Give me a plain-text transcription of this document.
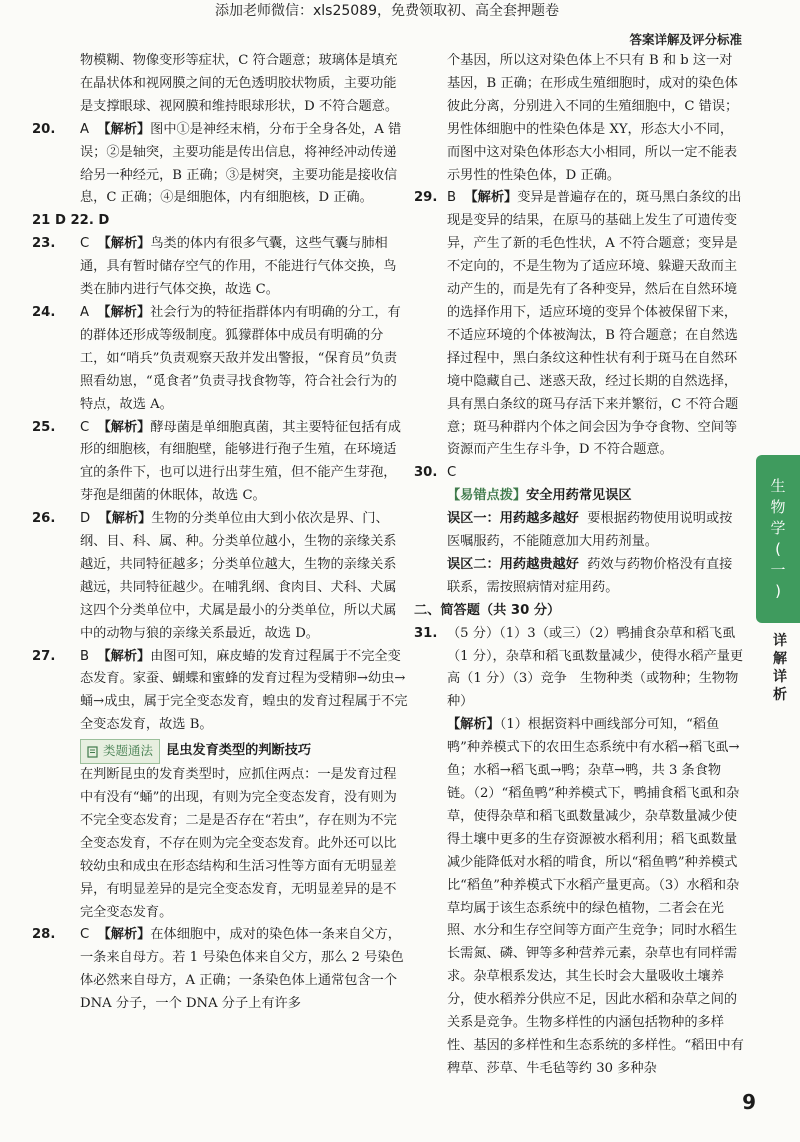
添加老师微信：xls25089，免费领取初、高全套押题卷
答案详解及评分标准

物模糊、物像变形等症状，C 符合题意；玻璃体是填充在晶状体和视网膜之间的无色透明胶状物质，主要功能是支撑眼球、视网膜和维持眼球形状，D 不符合题意。

20. A 【解析】图中①是神经末梢，分布于全身各处，A 错误；②是轴突，主要功能是传出信息，将神经冲动传递给另一种经元，B 正确；③是树突，主要功能是接收信息，C 正确；④是细胞体，内有细胞核，D 正确。

21 D 22. D

23. C 【解析】鸟类的体内有很多气囊，这些气囊与肺相通，具有暂时储存空气的作用，不能进行气体交换，鸟类在肺内进行气体交换，故选 C。

24. A 【解析】社会行为的特征指群体内有明确的分工，有的群体还形成等级制度。狐獴群体中成员有明确的分工，如“哨兵”负责观察天敌并发出警报，“保育员”负责照看幼崽，“觅食者”负责寻找食物等，符合社会行为的特点，故选 A。

25. C 【解析】酵母菌是单细胞真菌，其主要特征包括有成形的细胞核，有细胞壁，能够进行孢子生殖，在环境适宜的条件下，也可以进行出芽生殖，但不能产生芽孢，芽孢是细菌的休眠体，故选 C。

26. D 【解析】生物的分类单位由大到小依次是界、门、纲、目、科、属、种。分类单位越小，生物的亲缘关系越近，共同特征越多；分类单位越大，生物的亲缘关系越远，共同特征越少。在哺乳纲、食肉目、犬科、犬属这四个分类单位中，犬属是最小的分类单位，所以犬属中的动物与狼的亲缘关系最近，故选 D。

27. B 【解析】由图可知，麻皮蝽的发育过程属于不完全变态发育。家蚕、蝴蝶和蜜蜂的发育过程为受精卵→幼虫→蛹→成虫，属于完全变态发育，蝗虫的发育过程属于不完全变态发育，故选 B。

类题通法 昆虫发育类型的判断技巧

在判断昆虫的发育类型时，应抓住两点：一是发育过程中有没有“蛹”的出现，有则为完全变态发育，没有则为不完全变态发育；二是是否存在“若虫”，存在则为不完全变态发育，不存在则为完全变态发育。此外还可以比较幼虫和成虫在形态结构和生活习性等方面有无明显差异，有明显差异的是完全变态发育，无明显差异的是不完全变态发育。

28. C 【解析】在体细胞中，成对的染色体一条来自父方，一条来自母方。若 1 号染色体来自父方，那么 2 号染色体必然来自母方，A 正确；一条染色体上通常包含一个 DNA 分子，一个 DNA 分子上有许多

个基因，所以这对染色体上不只有 B 和 b 这一对基因，B 正确；在形成生殖细胞时，成对的染色体彼此分离，分别进入不同的生殖细胞中，C 错误；男性体细胞中的性染色体是 XY，形态大小不同，而图中这对染色体形态大小相同，所以一定不能表示男性的性染色体，D 正确。

29. B 【解析】变异是普遍存在的，斑马黑白条纹的出现是变异的结果，在原马的基础上发生了可遗传变异，产生了新的毛色性状，A 不符合题意；变异是不定向的，不是生物为了适应环境、躲避天敌而主动产生的，而是先有了各种变异，然后在自然环境的选择作用下，适应环境的变异个体被保留下来，不适应环境的个体被淘汰，B 符合题意；在自然选择过程中，黑白条纹这种性状有利于斑马在自然环境中隐藏自己、迷惑天敌，经过长期的自然选择，具有黑白条纹的斑马存活下来并繁衍，C 不符合题意；斑马种群内个体之间会因为争夺食物、空间等资源而产生生存斗争，D 不符合题意。

30. C

【易错点拨】安全用药常见误区

误区一：用药越多越好 要根据药物使用说明或按医嘱服药，不能随意加大用药剂量。

误区二：用药越贵越好 药效与药物价格没有直接联系，需按照病情对症用药。

二、简答题（共 30 分）

31. （5 分）（1）3（或三）（2）鸭捕食杂草和稻飞虱（1 分），杂草和稻飞虱数量减少，使得水稻产量更高（1 分）（3）竞争　生物种类（或物种；生物物种）

【解析】（1）根据资料中画线部分可知，“稻鱼鸭”种养模式下的农田生态系统中有水稻→稻飞虱→鱼；水稻→稻飞虱→鸭；杂草→鸭，共 3 条食物链。（2）“稻鱼鸭”种养模式下，鸭捕食稻飞虱和杂草，使得杂草和稻飞虱数量减少，杂草数量减少使得土壤中更多的生存资源被水稻利用；稻飞虱数量减少能降低对水稻的啃食，所以“稻鱼鸭”种养模式比“稻鱼”种养模式下水稻产量更高。（3）水稻和杂草均属于该生态系统中的绿色植物，二者会在光照、水分和生存空间等方面产生竞争；同时水稻生长需氮、磷、钾等多种营养元素，杂草也有同样需求。杂草根系发达，其生长时会大量吸收土壤养分，使水稻养分供应不足，因此水稻和杂草之间的关系是竞争。生物多样性的内涵包括物种的多样性、基因的多样性和生态系统的多样性。“稻田中有稗草、莎草、牛毛毡等约 30 多种杂

生
物
学
(
一
)
详
解
详
析
9
